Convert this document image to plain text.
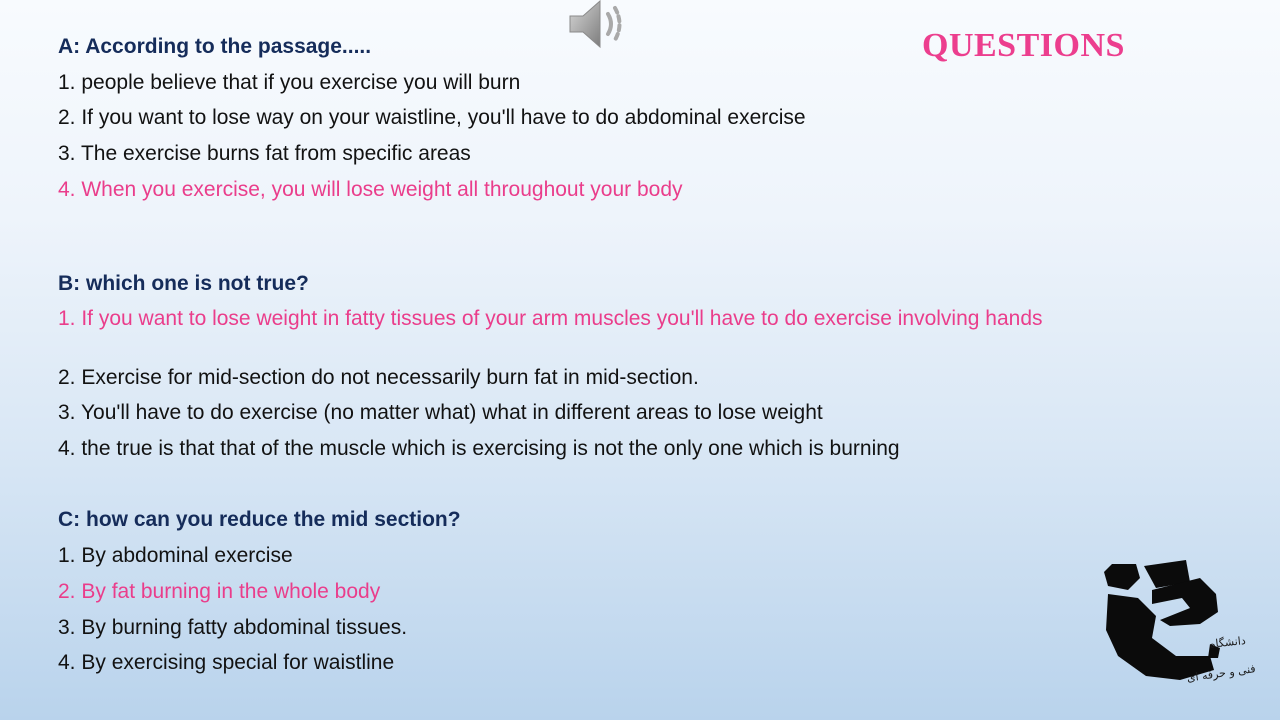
QUESTIONS
A: According to the passage.....
1. people believe that if you exercise you will burn
2. If you want to lose way on your waistline, you'll have to do abdominal exercise
3. The exercise burns fat from specific areas
4. When you exercise, you will lose weight all throughout your body
B: which one is not true?
1. If you want to lose weight in fatty tissues of your arm muscles you'll have to do exercise involving hands
2. Exercise for mid-section do not necessarily burn fat in mid-section.
3. You'll have to do exercise (no matter what) what in different areas to lose weight
4. the true is that that of the muscle which is exercising is not the only one which is burning
C: how can you reduce the mid section?
1. By abdominal exercise
2. By fat burning in the whole body
3. By burning fatty abdominal tissues.
4. By exercising special for waistline
دانشگاه
فنی و حرفه ای
